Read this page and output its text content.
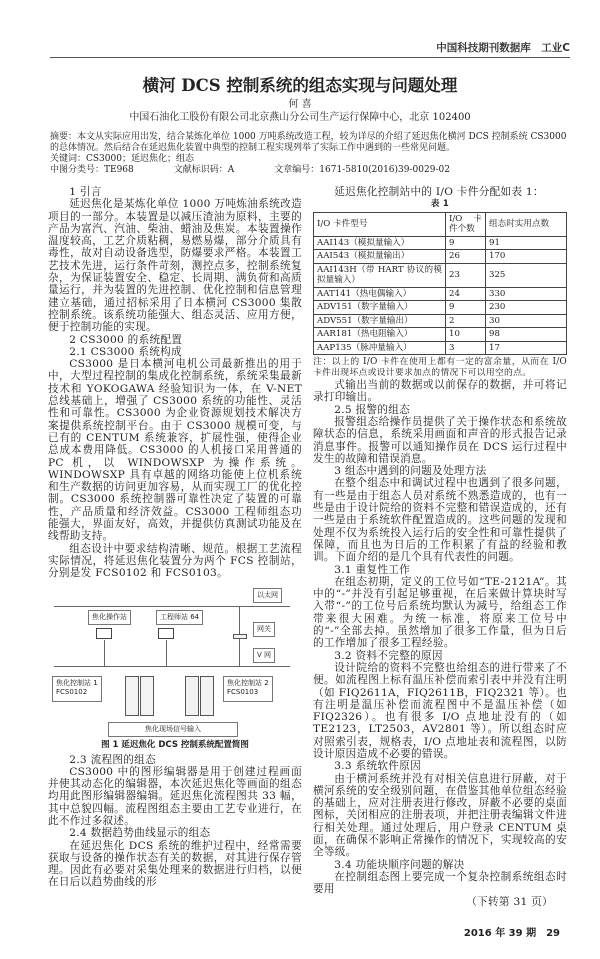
中国科技期刊数据库　工业C
横河 DCS 控制系统的组态实现与问题处理
何 喜
中国石油化工股份有限公司北京燕山分公司生产运行保障中心，北京 102400
摘要：本文从实际应用出发，结合某炼化单位 1000 万吨系统改造工程，较为详尽的介绍了延迟焦化横河 DCS 控制系统 CS3000 的总体情况。然后结合在延迟焦化装置中典型的控制工程实现列举了实际工作中遇到的一些常见问题。
关键词：CS3000；延迟焦化；组态
中图分类号：TE968	文献标识码：A	文章编号：1671-5810(2016)39-0029-02
1 引言
延迟焦化是某炼化单位 1000 万吨炼油系统改造项目的一部分。本装置是以减压渣油为原料，主要的产品为富汽、汽油、柴油、蜡油及焦炭。本装置操作温度较高，工艺介质粘稠，易燃易爆，部分介质具有毒性，故对自动设备选型，防爆要求严格。本装置工艺技术先进，运行条件苛刻，测控点多，控制系统复杂，为保证装置安全、稳定、长周期、满负荷和高质量运行，并为装置的先进控制、优化控制和信息管理建立基础，通过招标采用了日本横河 CS3000 集散控制系统。该系统功能强大、组态灵活、应用方便，便于控制功能的实现。
2 CS3000 的系统配置
2.1 CS3000 系统构成
CS3000 是日本横河电机公司最新推出的用于中，大型过程控制的集成化控制系统，系统采集最新技术和 YOKOGAWA 经验知识为一体，在 V-NET 总线基础上，增强了 CS3000 系统的功能性、灵活性和可靠性。CS3000 为企业资源规划技术解决方案提供系统控制平台。由于 CS3000 规模可变，与已有的 CENTUM 系统兼容，扩展性强，使得企业总成本费用降低。CS3000 的人机接口采用普通的 PC 机，以 WINDOWSXP 为操作系统。WINDOWSXP 具有卓越的网络功能使上位机系统和生产数据的访问更加容易，从而实现工厂的优化控制。CS3000 系统控制器可靠性决定了装置的可靠性，产品质量和经济效益。CS3000 工程师组态功能强大，界面友好，高效，并提供仿真测试功能及在线帮助支持。
组态设计中要求结构清晰、规范。根据工艺流程实际情况，将延迟焦化装置分为两个 FCS 控制站，分别是发 FCS0102 和 FCS0103。
以太网
焦化操作站	工程师站 64
网关
V 网
焦化控制站 1
FCS0102
焦化控制站 2
FCS0103
焦化现场信号输入
图 1 延迟焦化 DCS 控制系统配置简图
2.3 流程图的组态
CS3000 中的图形编辑器是用于创建过程画面并使其动态化的编辑器，本次延迟焦化等画面的组态均用此图形编辑器编辑。延迟焦化流程图共 33 幅，其中总貌四幅。流程图组态主要由工艺专业进行，在此不作过多叙述。
2.4 数据趋势曲线显示的组态
在延迟焦化 DCS 系统的维护过程中，经常需要获取与设备的操作状态有关的数据，对其进行保存管理。因此有必要对采集处理来的数据进行归档，以便在日后以趋势曲线的形
延迟焦化控制站中的 I/O 卡件分配如表 1：
表 1
I/O 卡件型号	I/O 卡件个数	组态时实用点数
AAI143（模拟量输入）	9	91
AAI543（模拟量输出）	26	170
AAI143H（带 HART 协议的模拟量输入）	23	325
AAT141（热电偶输入）	24	330
ADV151（数字量输入）	9	230
ADV551（数字量输出）	2	30
AAR181（热电阻输入）	10	98
AAP135（脉冲量输入）	3	17
注：以上的 I/O 卡件在使用上都有一定的富余量，从而在 I/O 卡件出现坏点或设计要求加点的情况下可以用空的点。
式输出当前的数据或以前保存的数据，并可将记录打印输出。
2.5 报警的组态
报警组态给操作员提供了关于操作状态和系统故障状态的信息，系统采用画面和声音的形式报告记录消息事件。报警可以通知操作员在 DCS 运行过程中发生的故障和错误消息。
3 组态中遇到的问题及处理方法
在整个组态中和调试过程中也遇到了很多问题，有一些是由于组态人员对系统不熟悉造成的，也有一些是由于设计院给的资料不完整和错误造成的，还有一些是由于系统软件配置造成的。这些问题的发现和处理不仅为系统投入运行后的安全性和可靠性提供了保障，而且也为日后的工作积累了有益的经验和教训。下面介绍的是几个具有代表性的问题。
3.1 重复性工作
在组态初期，定义的工位号如“TE-2121A”。其中的“-”并没有引起足够重视，在后来做计算块时写入带“-”的工位号后系统均默认为减号，给组态工作带来很大困难。为统一标准，将原来工位号中的“-”全部去掉。虽然增加了很多工作量，但为日后的工作增加了很多工程经验。
3.2 资料不完整的原因
设计院给的资料不完整也给组态的进行带来了不便。如流程图上标有温压补偿而索引表中并没有注明（如 FIQ2611A，FIQ2611B，FIQ2321 等）。也有注明是温压补偿而流程图中不是温压补偿（如 FIQ2326）。也有很多 I/O 点地址没有的（如 TE2123，LT2503，AV2801 等）。所以组态时应对照索引表，规格表，I/O 点地址表和流程图，以防设计原因造成不必要的错误。
3.3 系统软件原因
由于横河系统并没有对相关信息进行屏蔽，对于横河系统的安全级别问题，在借鉴其他单位组态经验的基础上，应对注册表进行修改，屏蔽不必要的桌面图标，关闭相应的注册表项，并把注册表编辑文件进行相关处理。通过处理后，用户登录 CENTUM 桌面，在确保不影响正常操作的情况下，实现较高的安全等级。
3.4 功能块顺序问题的解决
在控制组态图上要完成一个复杂控制系统组态时要用
（下转第 31 页）
2016 年 39 期　29
